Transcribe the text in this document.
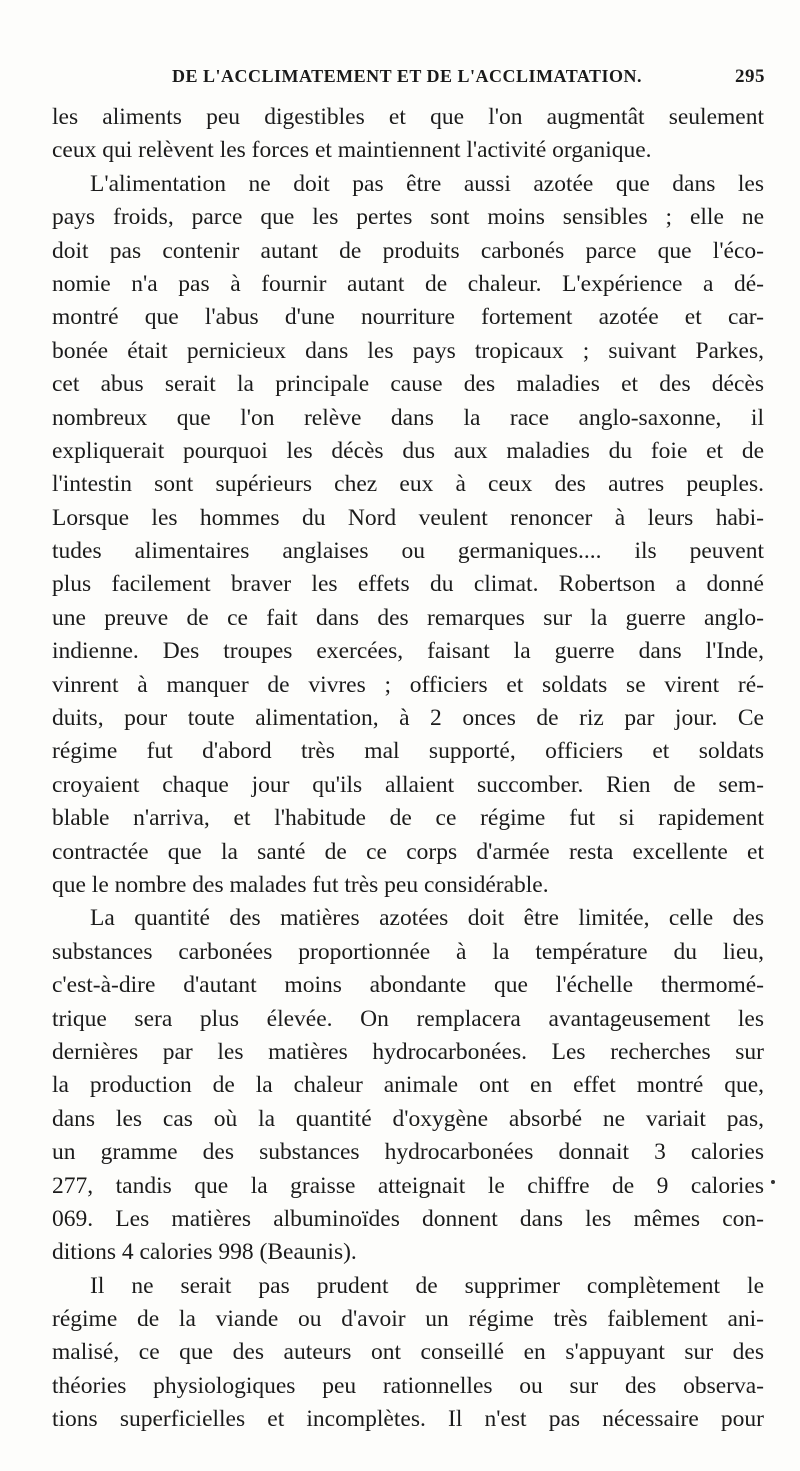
DE L'ACCLIMATEMENT ET DE L'ACCLIMATATION.	295
les aliments peu digestibles et que l'on augmentât seulement
ceux qui relèvent les forces et maintiennent l'activité organique.
L'alimentation ne doit pas être aussi azotée que dans les
pays froids, parce que les pertes sont moins sensibles ; elle ne
doit pas contenir autant de produits carbonés parce que l'éco-
nomie n'a pas à fournir autant de chaleur. L'expérience a dé-
montré que l'abus d'une nourriture fortement azotée et car-
bonée était pernicieux dans les pays tropicaux ; suivant Parkes,
cet abus serait la principale cause des maladies et des décès
nombreux que l'on relève dans la race anglo-saxonne, il
expliquerait pourquoi les décès dus aux maladies du foie et de
l'intestin sont supérieurs chez eux à ceux des autres peuples.
Lorsque les hommes du Nord veulent renoncer à leurs habi-
tudes alimentaires anglaises ou germaniques.... ils peuvent
plus facilement braver les effets du climat. Robertson a donné
une preuve de ce fait dans des remarques sur la guerre anglo-
indienne. Des troupes exercées, faisant la guerre dans l'Inde,
vinrent à manquer de vivres ; officiers et soldats se virent ré-
duits, pour toute alimentation, à 2 onces de riz par jour. Ce
régime fut d'abord très mal supporté, officiers et soldats
croyaient chaque jour qu'ils allaient succomber. Rien de sem-
blable n'arriva, et l'habitude de ce régime fut si rapidement
contractée que la santé de ce corps d'armée resta excellente et
que le nombre des malades fut très peu considérable.
La quantité des matières azotées doit être limitée, celle des
substances carbonées proportionnée à la température du lieu,
c'est-à-dire d'autant moins abondante que l'échelle thermomé-
trique sera plus élevée. On remplacera avantageusement les
dernières par les matières hydrocarbonées. Les recherches sur
la production de la chaleur animale ont en effet montré que,
dans les cas où la quantité d'oxygène absorbé ne variait pas,
un gramme des substances hydrocarbonées donnait 3 calories
277, tandis que la graisse atteignait le chiffre de 9 calories
069. Les matières albuminoïdes donnent dans les mêmes con-
ditions 4 calories 998 (Beaunis).
Il ne serait pas prudent de supprimer complètement le
régime de la viande ou d'avoir un régime très faiblement ani-
malisé, ce que des auteurs ont conseillé en s'appuyant sur des
théories physiologiques peu rationnelles ou sur des observa-
tions superficielles et incomplètes. Il n'est pas nécessaire pour
